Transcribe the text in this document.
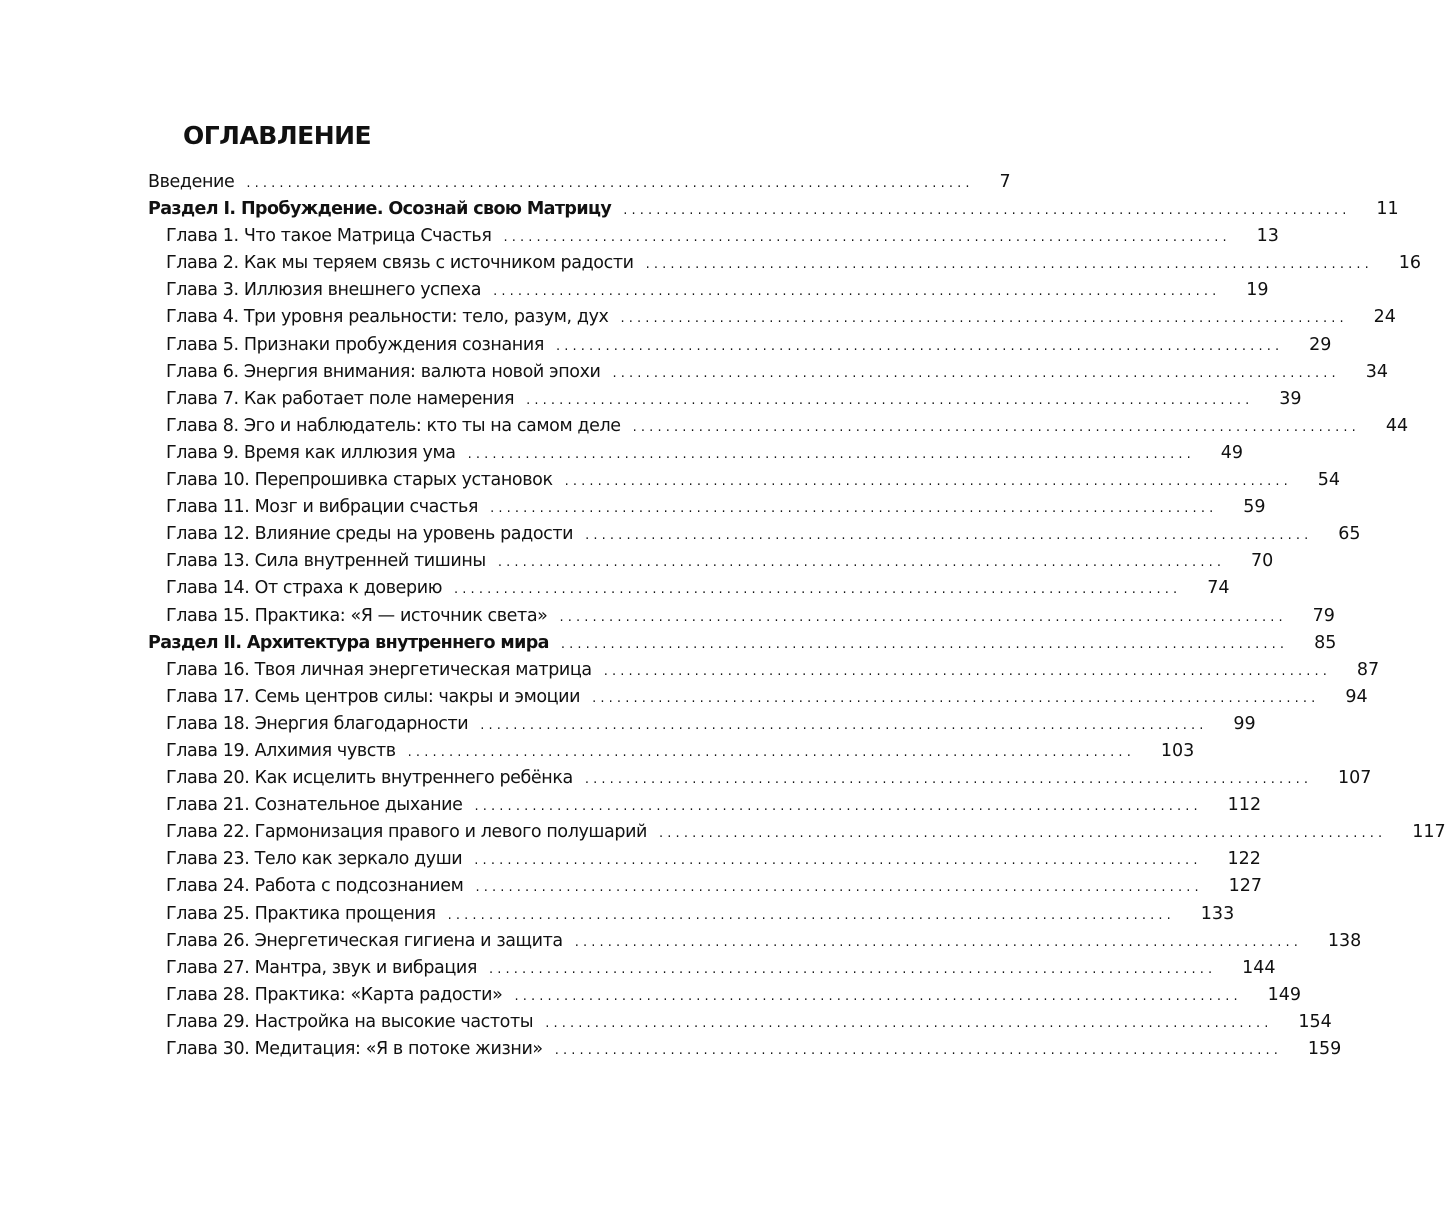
ОГЛАВЛЕНИЕ
Введение . . .	7
Раздел I. Пробуждение. Осознай свою Матрицу . . .	11
Глава 1. Что такое Матрица Счастья . . .	13
Глава 2. Как мы теряем связь с источником радости . . .	16
Глава 3. Иллюзия внешнего успеха . . .	19
Глава 4. Три уровня реальности: тело, разум, дух . . .	24
Глава 5. Признаки пробуждения сознания . . .	29
Глава 6. Энергия внимания: валюта новой эпохи . . .	34
Глава 7. Как работает поле намерения . . .	39
Глава 8. Эго и наблюдатель: кто ты на самом деле . . .	44
Глава 9. Время как иллюзия ума . . .	49
Глава 10. Перепрошивка старых установок . . .	54
Глава 11. Мозг и вибрации счастья . . .	59
Глава 12. Влияние среды на уровень радости . . .	65
Глава 13. Сила внутренней тишины . . .	70
Глава 14. От страха к доверию . . .	74
Глава 15. Практика: «Я — источник света» . . .	79
Раздел II. Архитектура внутреннего мира . . .	85
Глава 16. Твоя личная энергетическая матрица . . .	87
Глава 17. Семь центров силы: чакры и эмоции . . .	94
Глава 18. Энергия благодарности . . .	99
Глава 19. Алхимия чувств . . .	103
Глава 20. Как исцелить внутреннего ребёнка . . .	107
Глава 21. Сознательное дыхание . . .	112
Глава 22. Гармонизация правого и левого полушарий . . .	117
Глава 23. Тело как зеркало души . . .	122
Глава 24. Работа с подсознанием . . .	127
Глава 25. Практика прощения . . .	133
Глава 26. Энергетическая гигиена и защита . . .	138
Глава 27. Мантра, звук и вибрация . . .	144
Глава 28. Практика: «Карта радости» . . .	149
Глава 29. Настройка на высокие частоты . . .	154
Глава 30. Медитация: «Я в потоке жизни» . . .	159
